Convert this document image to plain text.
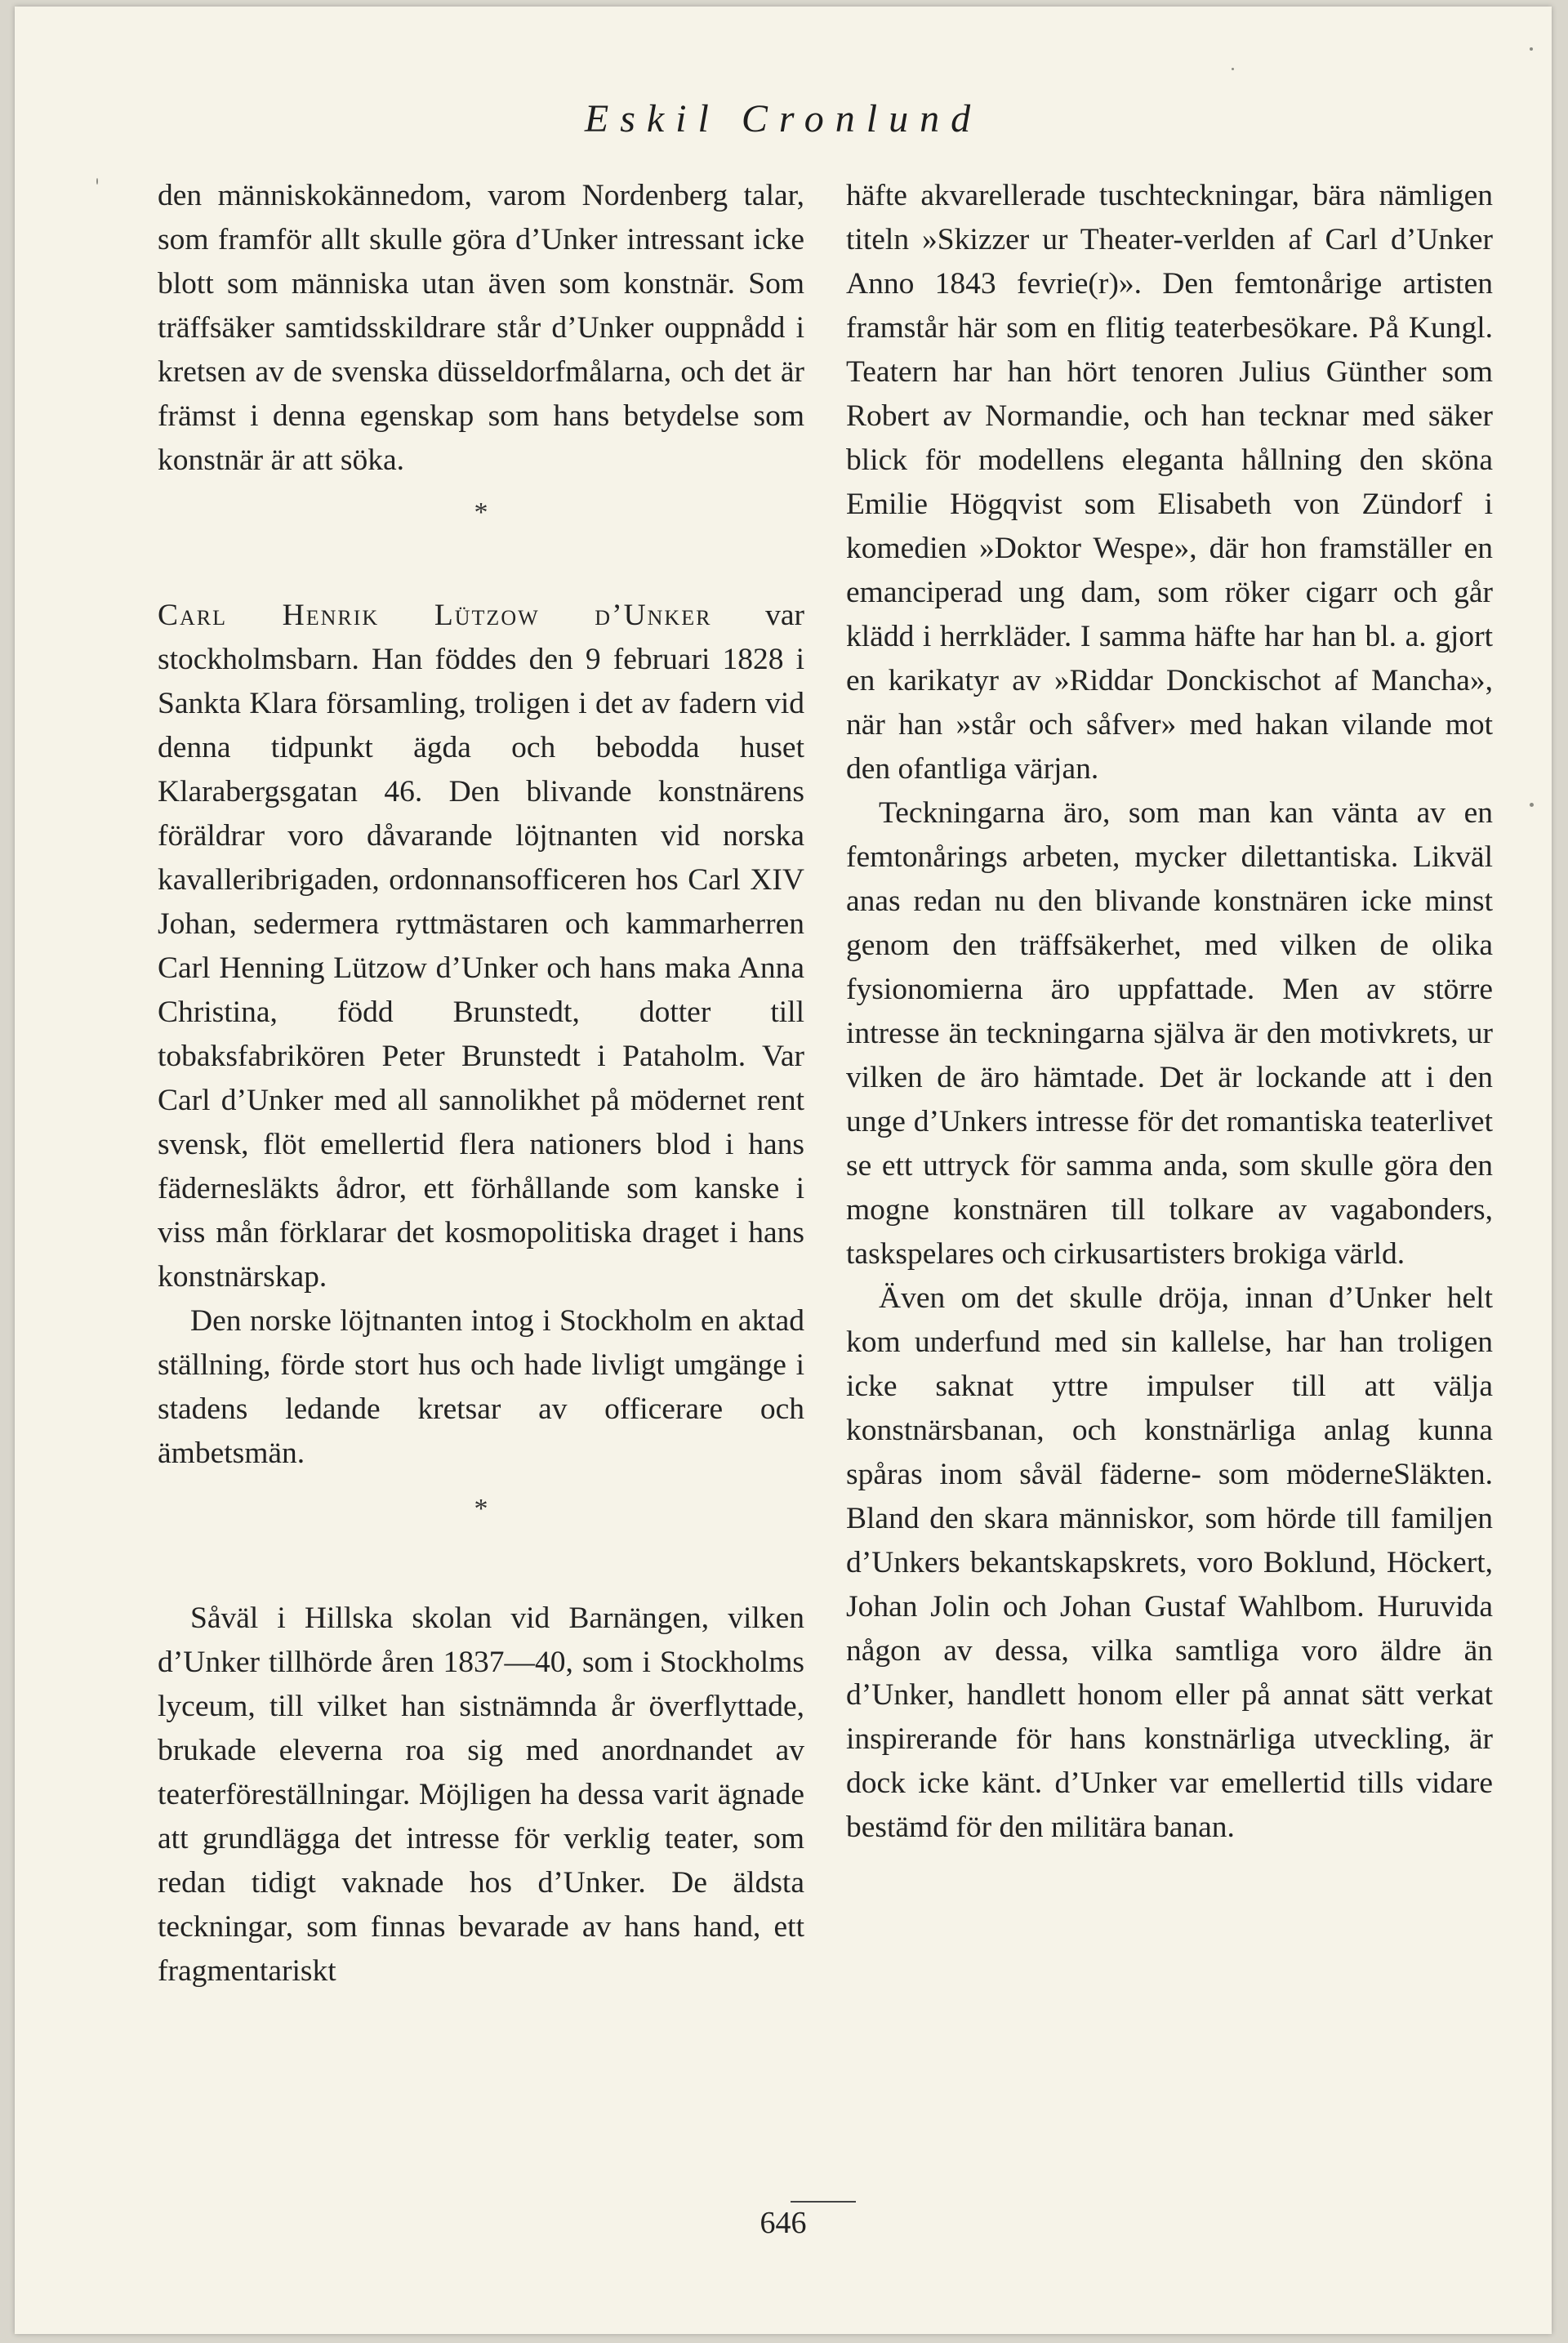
Eskil Cronlund

den människokännedom, varom Nordenberg talar, som framför allt skulle göra d’Unker intressant icke blott som människa utan även som konstnär. Som träffsäker samtidsskildrare står d’Unker ouppnådd i kretsen av de svenska düsseldorfmålarna, och det är främst i denna egenskap som hans betydelse som konstnär är att söka.

*

Carl Henrik Lützow d’Unker var stockholmsbarn. Han föddes den 9 februari 1828 i Sankta Klara församling, troligen i det av fadern vid denna tidpunkt ägda och bebodda huset Klarabergsgatan 46. Den blivande konstnärens föräldrar voro dåvarande löjtnanten vid norska kavalleribrigaden, ordonnansofficeren hos Carl XIV Johan, sedermera ryttmästaren och kammarherren Carl Henning Lützow d’Unker och hans maka Anna Christina, född Brunstedt, dotter till tobaksfabrikören Peter Brunstedt i Pataholm. Var Carl d’Unker med all sannolikhet på mödernet rent svensk, flöt emellertid flera nationers blod i hans fädernesläkts ådror, ett förhållande som kanske i viss mån förklarar det kosmopolitiska draget i hans konstnärskap.

Den norske löjtnanten intog i Stockholm en aktad ställning, förde stort hus och hade livligt umgänge i stadens ledande kretsar av officerare och ämbetsmän.

*

Såväl i Hillska skolan vid Barnängen, vilken d’Unker tillhörde åren 1837—40, som i Stockholms lyceum, till vilket han sistnämnda år överflyttade, brukade eleverna roa sig med anordnandet av teaterföreställningar. Möjligen ha dessa varit ägnade att grundlägga det intresse för verklig teater, som redan tidigt vaknade hos d’Unker. De äldsta teckningar, som finnas bevarade av hans hand, ett fragmentariskt

häfte akvarellerade tuschteckningar, bära nämligen titeln »Skizzer ur Theater-verlden af Carl d’Unker Anno 1843 fevrie(r)». Den femtonårige artisten framstår här som en flitig teaterbesökare. På Kungl. Teatern har han hört tenoren Julius Günther som Robert av Normandie, och han tecknar med säker blick för modellens eleganta hållning den sköna Emilie Högqvist som Elisabeth von Zündorf i komedien »Doktor Wespe», där hon framställer en emanciperad ung dam, som röker cigarr och går klädd i herrkläder. I samma häfte har han bl. a. gjort en karikatyr av »Riddar Donckischot af Mancha», när han »står och såfver» med hakan vilande mot den ofantliga värjan.

Teckningarna äro, som man kan vänta av en femtonårings arbeten, mycker dilettantiska. Likväl anas redan nu den blivande konstnären icke minst genom den träffsäkerhet, med vilken de olika fysionomierna äro uppfattade. Men av större intresse än teckningarna själva är den motivkrets, ur vilken de äro hämtade. Det är lockande att i den unge d’Unkers intresse för det romantiska teaterlivet se ett uttryck för samma anda, som skulle göra den mogne konstnären till tolkare av vagabonders, taskspelares och cirkusartisters brokiga värld.

Även om det skulle dröja, innan d’Unker helt kom underfund med sin kallelse, har han troligen icke saknat yttre impulser till att välja konstnärsbanan, och konstnärliga anlag kunna spåras inom såväl fäderne- som möderneSläkten. Bland den skara människor, som hörde till familjen d’Unkers bekantskapskrets, voro Boklund, Höckert, Johan Jolin och Johan Gustaf Wahlbom. Huruvida någon av dessa, vilka samtliga voro äldre än d’Unker, handlett honom eller på annat sätt verkat inspirerande för hans konstnärliga utveckling, är dock icke känt. d’Unker var emellertid tills vidare bestämd för den militära banan.

646
